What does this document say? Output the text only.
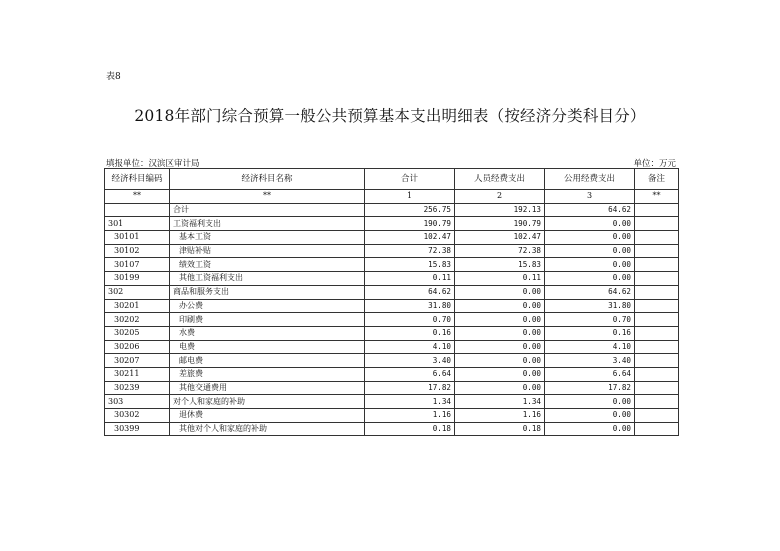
表8
2018年部门综合预算一般公共预算基本支出明细表（按经济分类科目分）
填报单位：汉滨区审计局	单位：万元
经济科目编码	经济科目名称	合计	人员经费支出	公用经费支出	备注
**	**	1	2	3	**
	合计	256.75	192.13	64.62	
301	工资福利支出	190.79	190.79	0.00	
30101	基本工资	102.47	102.47	0.00	
30102	津贴补贴	72.38	72.38	0.00	
30107	绩效工资	15.83	15.83	0.00	
30199	其他工资福利支出	0.11	0.11	0.00	
302	商品和服务支出	64.62	0.00	64.62	
30201	办公费	31.80	0.00	31.80	
30202	印刷费	0.70	0.00	0.70	
30205	水费	0.16	0.00	0.16	
30206	电费	4.10	0.00	4.10	
30207	邮电费	3.40	0.00	3.40	
30211	差旅费	6.64	0.00	6.64	
30239	其他交通费用	17.82	0.00	17.82	
303	对个人和家庭的补助	1.34	1.34	0.00	
30302	退休费	1.16	1.16	0.00	
30399	其他对个人和家庭的补助	0.18	0.18	0.00	
